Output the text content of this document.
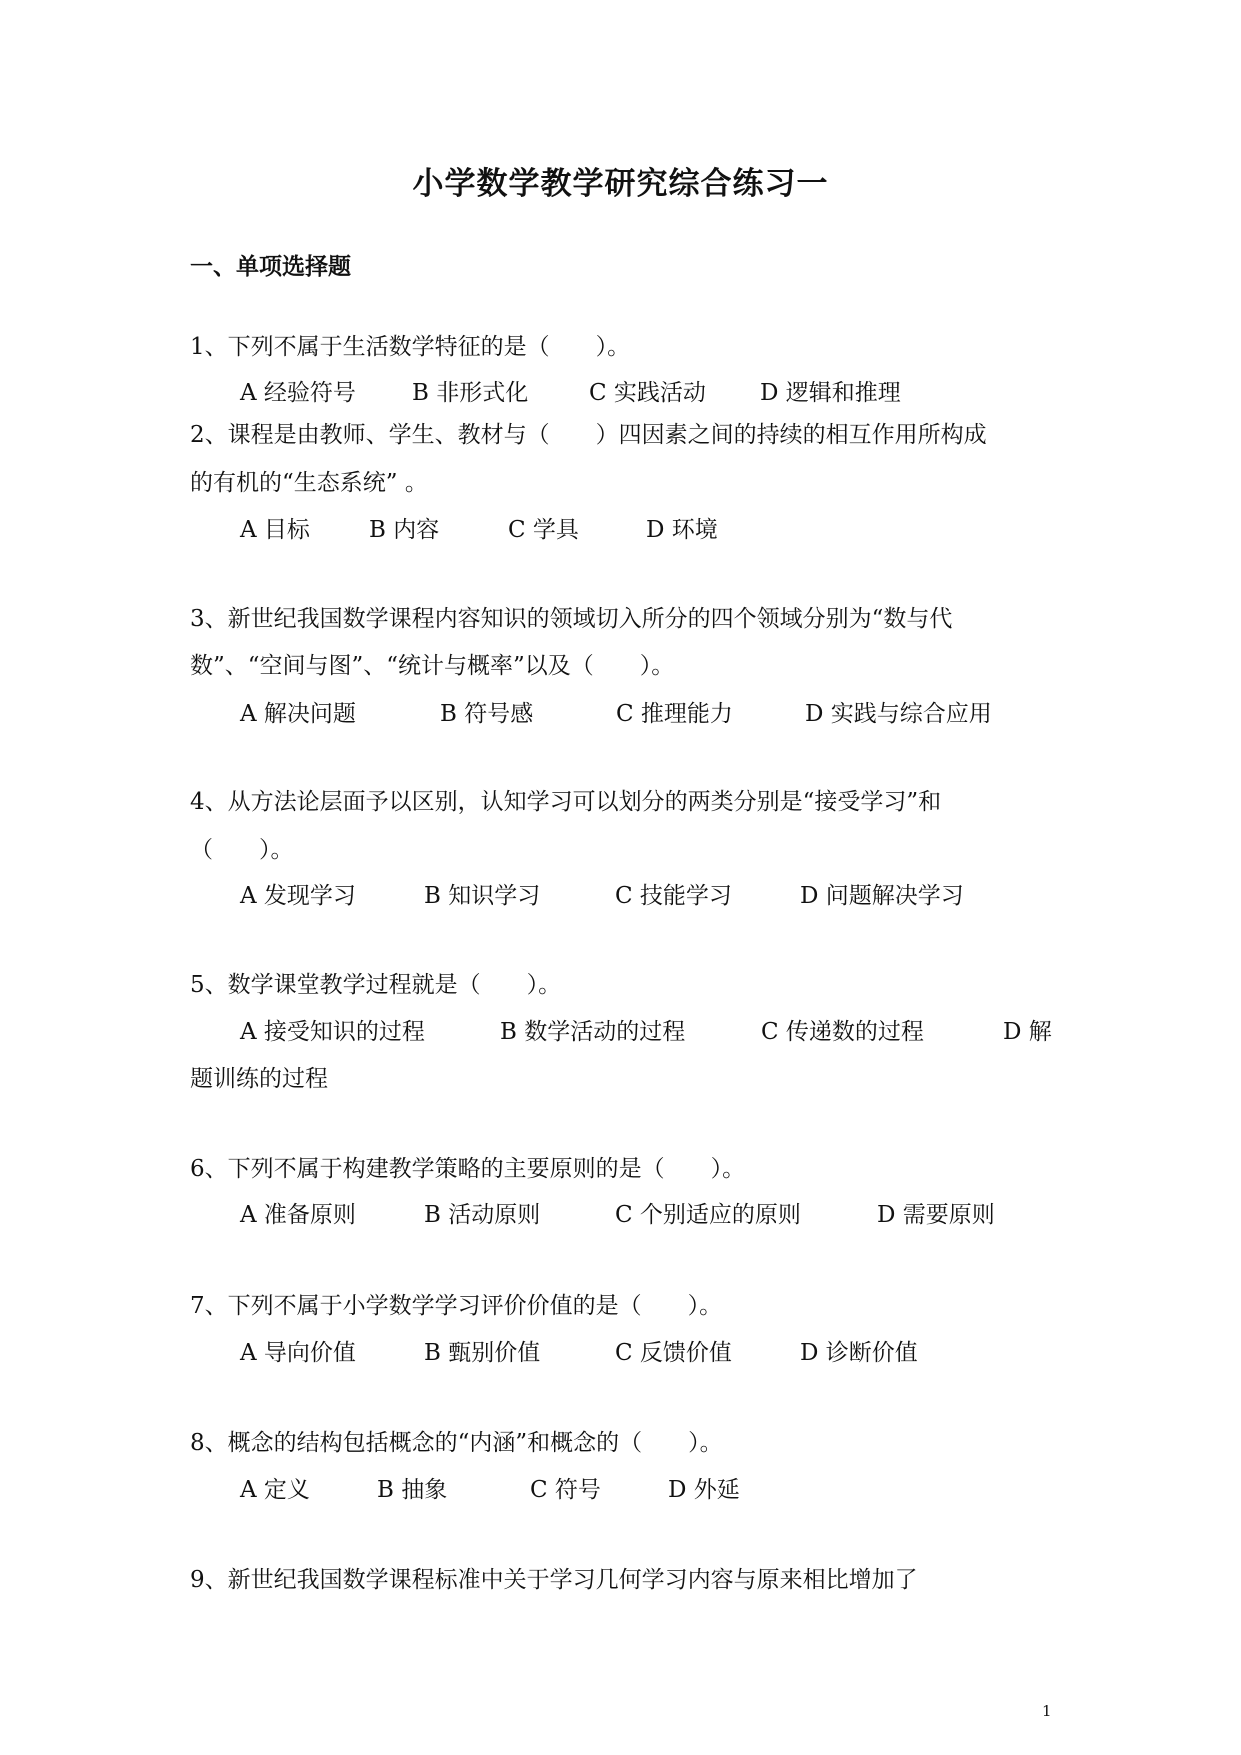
小学数学教学研究综合练习一
一、单项选择题
1、下列不属于生活数学特征的是（　　）。
A 经验符号 B 非形式化	C 实践活动 D 逻辑和推理
2、课程是由教师、学生、教材与（　　）四因素之间的持续的相互作用所构成
的有机的“生态系统” 。
A 目标	B 内容	C 学具	D 环境
3、新世纪我国数学课程内容知识的领域切入所分的四个领域分别为“数与代
数”、“空间与图”、“统计与概率”以及（　　）。
A 解决问题	B 符号感	C 推理能力	D 实践与综合应用
4、从方法论层面予以区别，认知学习可以划分的两类分别是“接受学习”和
（　　）。
A 发现学习	B 知识学习	C 技能学习	D 问题解决学习
5、数学课堂教学过程就是（　　）。
A 接受知识的过程	B 数学活动的过程	C 传递数的过程	D 解
题训练的过程
6、下列不属于构建教学策略的主要原则的是（　　）。
A 准备原则	B 活动原则	C 个别适应的原则	D 需要原则
7、下列不属于小学数学学习评价价值的是（　　）。
A 导向价值	B 甄别价值	C 反馈价值	D 诊断价值
8、概念的结构包括概念的“内涵”和概念的（　　）。
A 定义	B 抽象	C 符号	D 外延
9、新世纪我国数学课程标准中关于学习几何学习内容与原来相比增加了
1
